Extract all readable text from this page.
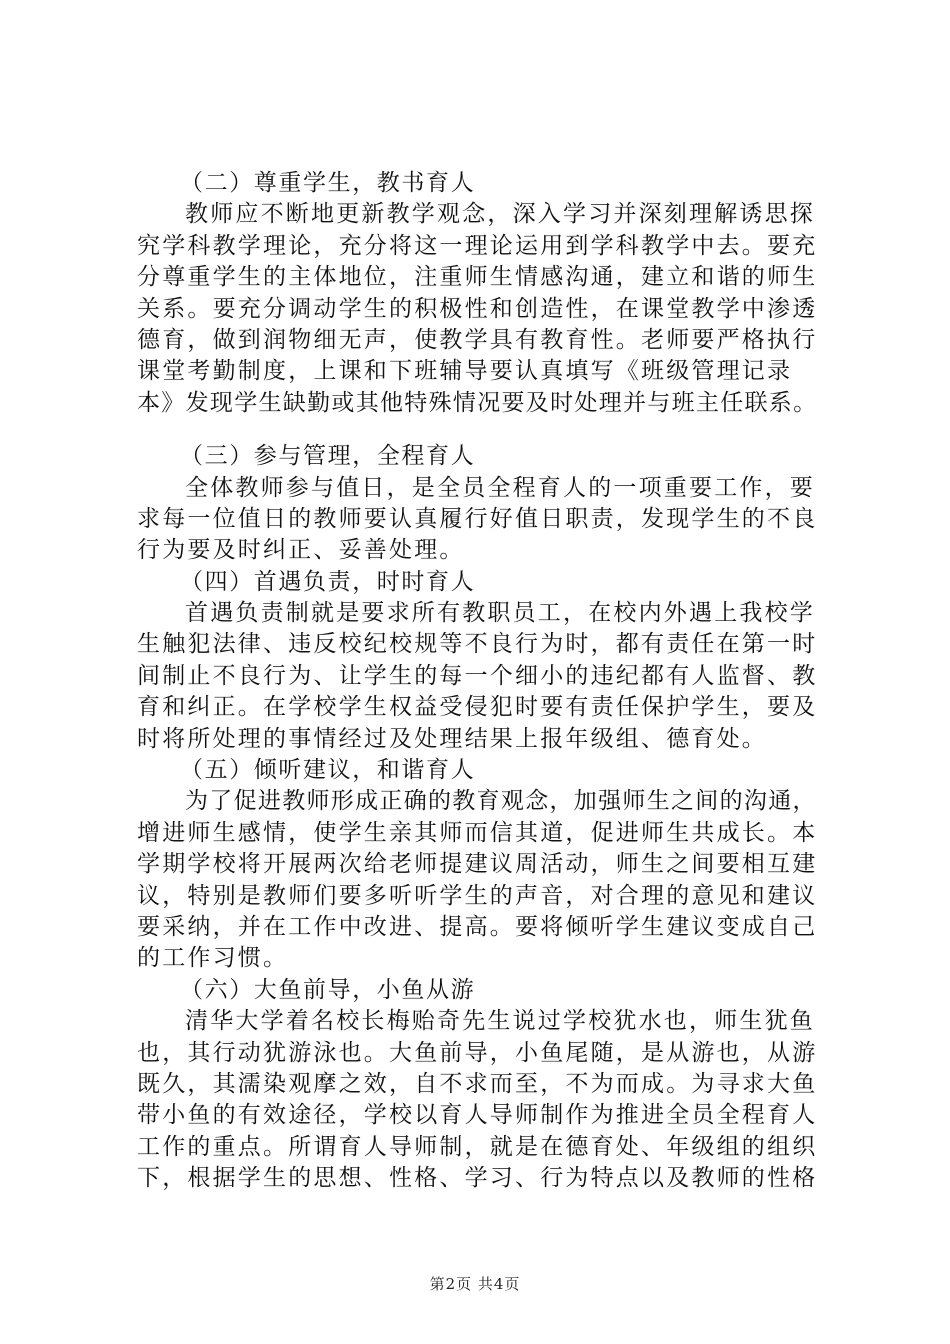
（二）尊重学生，教书育人
教师应不断地更新教学观念，深入学习并深刻理解诱思探
究学科教学理论，充分将这一理论运用到学科教学中去。要充
分尊重学生的主体地位，注重师生情感沟通，建立和谐的师生
关系。要充分调动学生的积极性和创造性，在课堂教学中渗透
德育，做到润物细无声，使教学具有教育性。老师要严格执行
课堂考勤制度，上课和下班辅导要认真填写《班级管理记录
本》发现学生缺勤或其他特殊情况要及时处理并与班主任联系。
（三）参与管理，全程育人
全体教师参与值日，是全员全程育人的一项重要工作，要
求每一位值日的教师要认真履行好值日职责，发现学生的不良
行为要及时纠正、妥善处理。
（四）首遇负责，时时育人
首遇负责制就是要求所有教职员工，在校内外遇上我校学
生触犯法律、违反校纪校规等不良行为时，都有责任在第一时
间制止不良行为、让学生的每一个细小的违纪都有人监督、教
育和纠正。在学校学生权益受侵犯时要有责任保护学生，要及
时将所处理的事情经过及处理结果上报年级组、德育处。
（五）倾听建议，和谐育人
为了促进教师形成正确的教育观念，加强师生之间的沟通，
增进师生感情，使学生亲其师而信其道，促进师生共成长。本
学期学校将开展两次给老师提建议周活动，师生之间要相互建
议，特别是教师们要多听听学生的声音，对合理的意见和建议
要采纳，并在工作中改进、提高。要将倾听学生建议变成自己
的工作习惯。
（六）大鱼前导，小鱼从游
清华大学着名校长梅贻奇先生说过学校犹水也，师生犹鱼
也，其行动犹游泳也。大鱼前导，小鱼尾随，是从游也，从游
既久，其濡染观摩之效，自不求而至，不为而成。为寻求大鱼
带小鱼的有效途径，学校以育人导师制作为推进全员全程育人
工作的重点。所谓育人导师制，就是在德育处、年级组的组织
下，根据学生的思想、性格、学习、行为特点以及教师的性格
第2页 共4页
